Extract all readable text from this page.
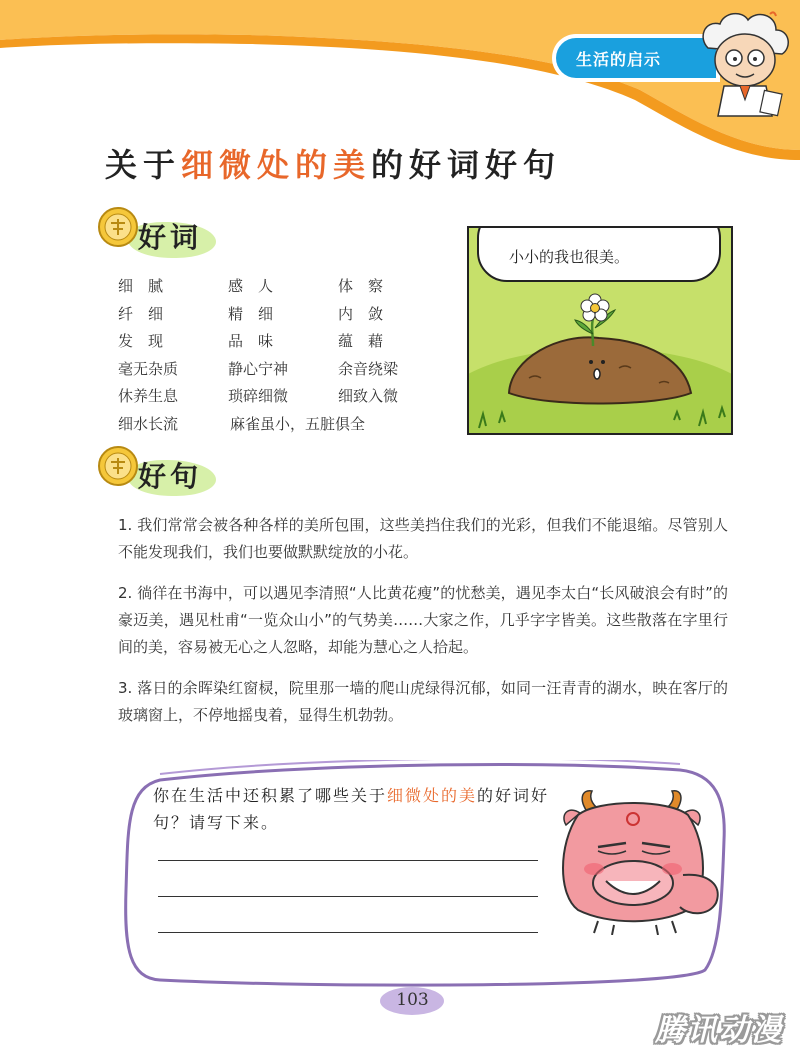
生活的启示
关于细微处的美的好词好句
好词
细　腻	感　人	体　察
纤　细	精　细	内　敛
发　现	品　味	蕴　藉
毫无杂质	静心宁神	余音绕梁
休养生息	琐碎细微	细致入微
细水长流	麻雀虽小，五脏俱全
小小的我也很美。
好句

1. 我们常常会被各种各样的美所包围，这些美挡住我们的光彩，但我们不能退缩。尽管别人不能发现我们，我们也要做默默绽放的小花。

2. 徜徉在书海中，可以遇见李清照“人比黄花瘦”的忧愁美，遇见李太白“长风破浪会有时”的豪迈美，遇见杜甫“一览众山小”的气势美……大家之作，几乎字字皆美。这些散落在字里行间的美，容易被无心之人忽略，却能为慧心之人拾起。

3. 落日的余晖染红窗棂，院里那一墙的爬山虎绿得沉郁，如同一汪青青的湖水，映在客厅的玻璃窗上，不停地摇曳着，显得生机勃勃。

你在生活中还积累了哪些关于细微处的美的好词好句？请写下来。
103
腾讯动漫
